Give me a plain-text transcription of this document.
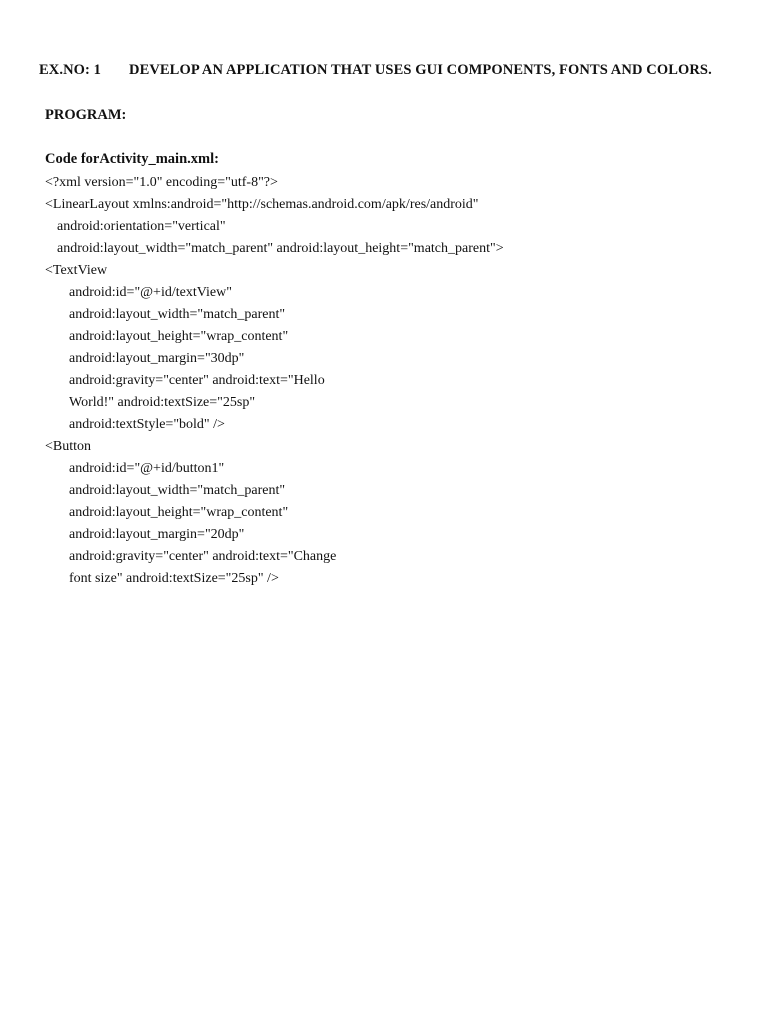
EX.NO: 1 DEVELOP AN APPLICATION THAT USES GUI COMPONENTS, FONTS AND COLORS.
PROGRAM:
Code forActivity_main.xml:
<?xml version="1.0" encoding="utf-8"?>
<LinearLayout xmlns:android="http://schemas.android.com/apk/res/android"
android:orientation="vertical"
android:layout_width="match_parent" android:layout_height="match_parent">
<TextView
android:id="@+id/textView"
android:layout_width="match_parent"
android:layout_height="wrap_content"
android:layout_margin="30dp"
android:gravity="center" android:text="Hello
World!" android:textSize="25sp"
android:textStyle="bold" />
<Button
android:id="@+id/button1"
android:layout_width="match_parent"
android:layout_height="wrap_content"
android:layout_margin="20dp"
android:gravity="center" android:text="Change
font size" android:textSize="25sp" />
